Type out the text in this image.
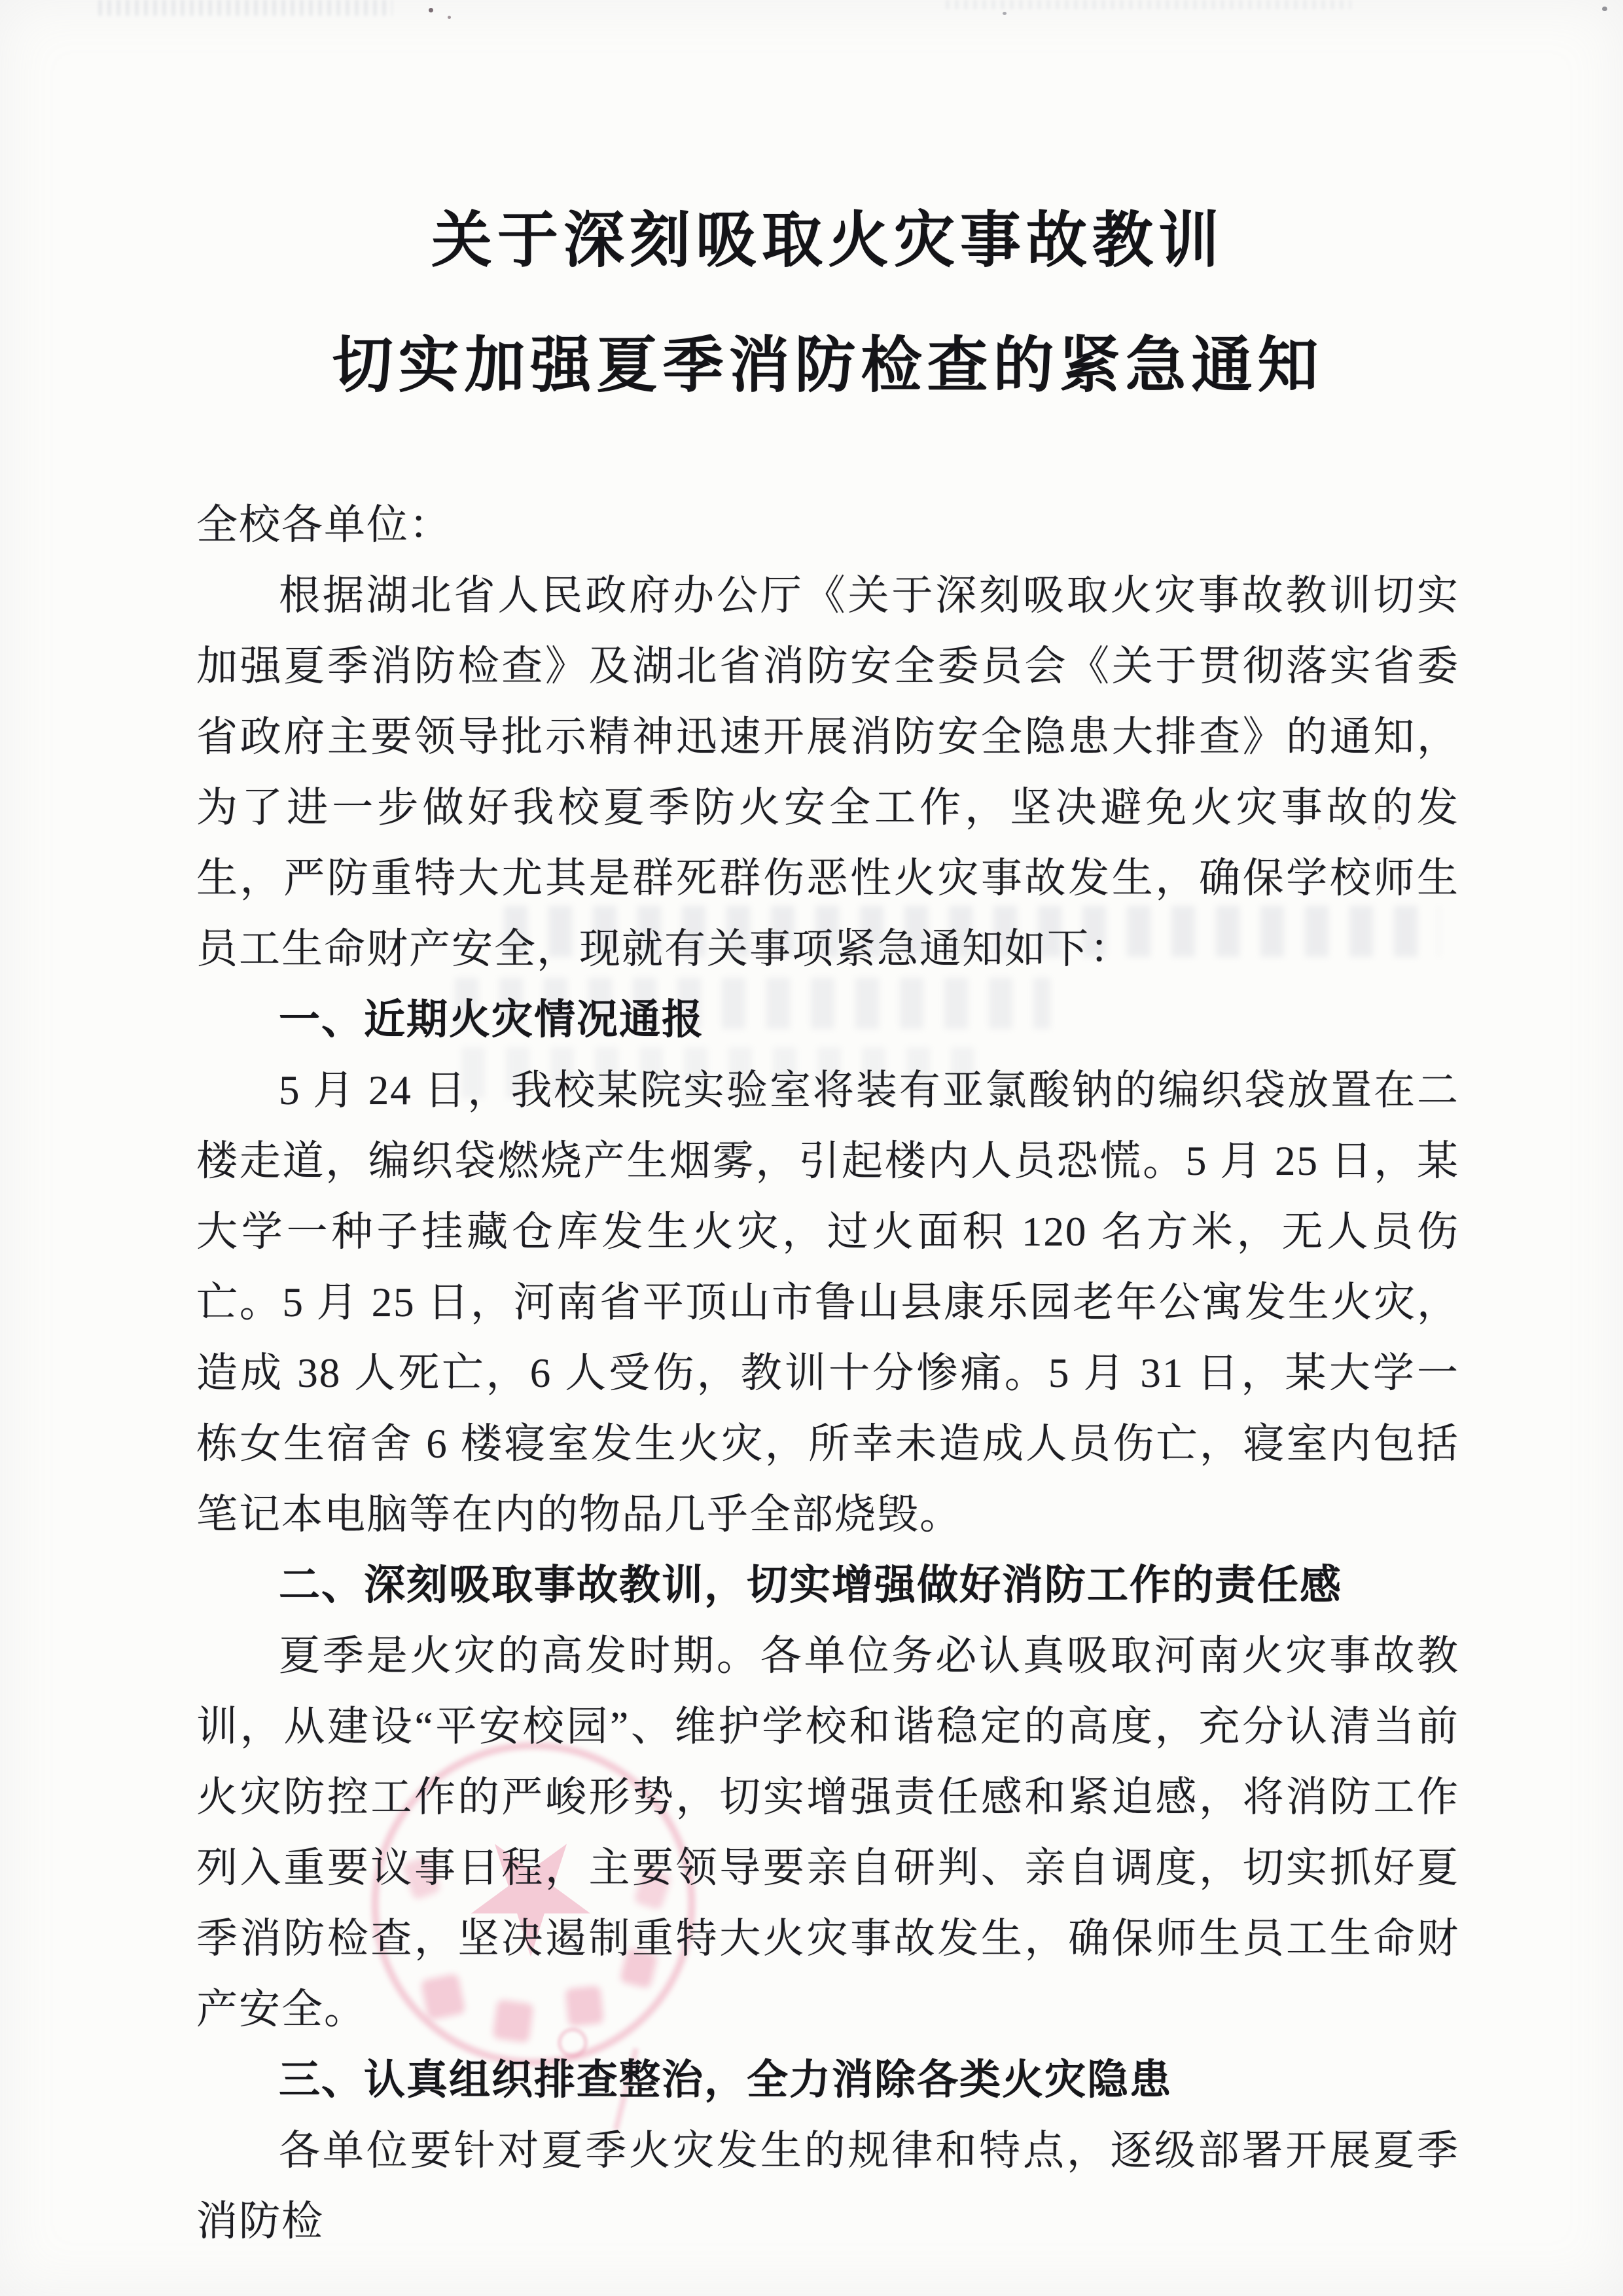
关于深刻吸取火灾事故教训
切实加强夏季消防检查的紧急通知

全校各单位：

根据湖北省人民政府办公厅《关于深刻吸取火灾事故教训切实加强夏季消防检查》及湖北省消防安全委员会《关于贯彻落实省委省政府主要领导批示精神迅速开展消防安全隐患大排查》的通知，为了进一步做好我校夏季防火安全工作，坚决避免火灾事故的发生，严防重特大尤其是群死群伤恶性火灾事故发生，确保学校师生员工生命财产安全，现就有关事项紧急通知如下：

一、近期火灾情况通报

5 月 24 日，我校某院实验室将装有亚氯酸钠的编织袋放置在二楼走道，编织袋燃烧产生烟雾，引起楼内人员恐慌。5 月 25 日，某大学一种子挂藏仓库发生火灾，过火面积 120 名方米，无人员伤亡。5 月 25 日，河南省平顶山市鲁山县康乐园老年公寓发生火灾，造成 38 人死亡，6 人受伤，教训十分惨痛。5 月 31 日，某大学一栋女生宿舍 6 楼寝室发生火灾，所幸未造成人员伤亡，寝室内包括笔记本电脑等在内的物品几乎全部烧毁。

二、深刻吸取事故教训，切实增强做好消防工作的责任感

夏季是火灾的高发时期。各单位务必认真吸取河南火灾事故教训，从建设“平安校园”、维护学校和谐稳定的高度，充分认清当前火灾防控工作的严峻形势，切实增强责任感和紧迫感，将消防工作列入重要议事日程，主要领导要亲自研判、亲自调度，切实抓好夏季消防检查，坚决遏制重特大火灾事故发生，确保师生员工生命财产安全。

三、认真组织排查整治，全力消除各类火灾隐患

各单位要针对夏季火灾发生的规律和特点，逐级部署开展夏季消防检
